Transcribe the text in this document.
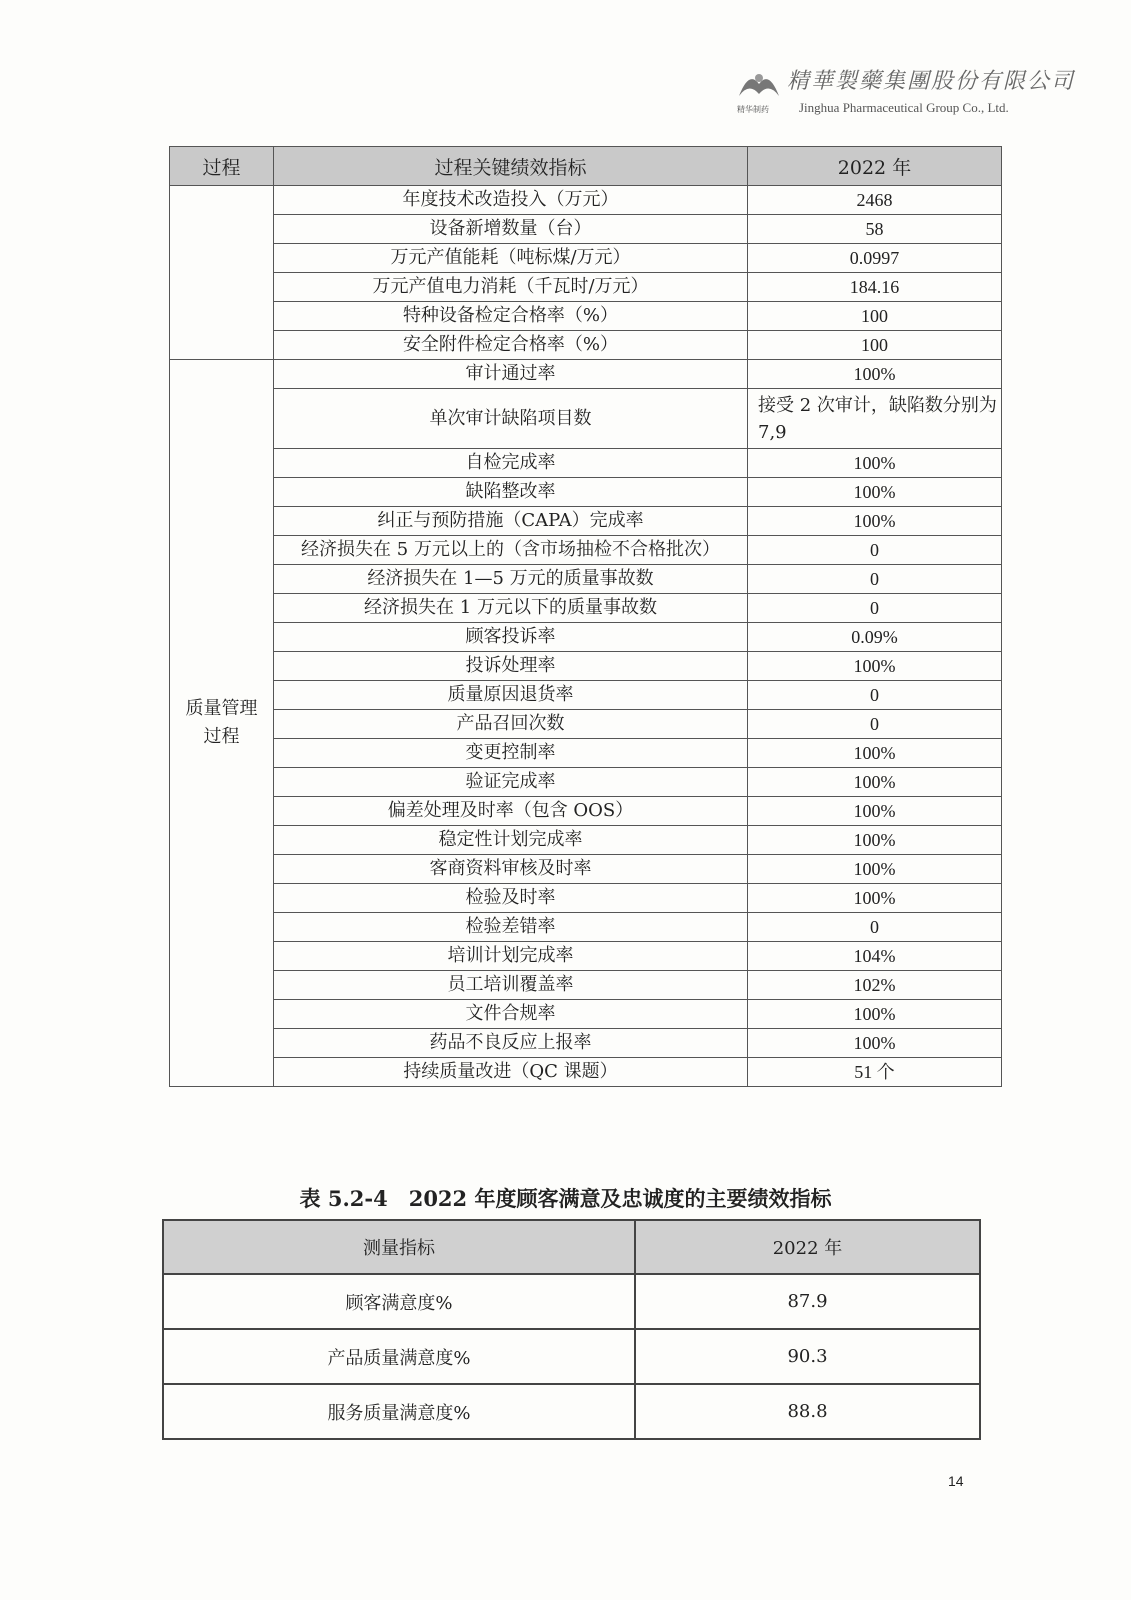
精华制药
精華製藥集團股份有限公司
Jinghua Pharmaceutical Group Co., Ltd.
过程	过程关键绩效指标	2022 年
	年度技术改造投入（万元）	2468
	设备新增数量（台）	58
	万元产值能耗（吨标煤/万元）	0.0997
	万元产值电力消耗（千瓦时/万元）	184.16
	特种设备检定合格率（%）	100
	安全附件检定合格率（%）	100
质量管理过程	审计通过率	100%
	单次审计缺陷项目数	接受 2 次审计，缺陷数分别为 7,9
	自检完成率	100%
	缺陷整改率	100%
	纠正与预防措施（CAPA）完成率	100%
	经济损失在 5 万元以上的（含市场抽检不合格批次）	0
	经济损失在 1—5 万元的质量事故数	0
	经济损失在 1 万元以下的质量事故数	0
	顾客投诉率	0.09%
	投诉处理率	100%
	质量原因退货率	0
	产品召回次数	0
	变更控制率	100%
	验证完成率	100%
	偏差处理及时率（包含 OOS）	100%
	稳定性计划完成率	100%
	客商资料审核及时率	100%
	检验及时率	100%
	检验差错率	0
	培训计划完成率	104%
	员工培训覆盖率	102%
	文件合规率	100%
	药品不良反应上报率	100%
	持续质量改进（QC 课题）	51 个
表 5.2-4　2022 年度顾客满意及忠诚度的主要绩效指标
测量指标	2022 年
顾客满意度%	87.9
产品质量满意度%	90.3
服务质量满意度%	88.8
14
